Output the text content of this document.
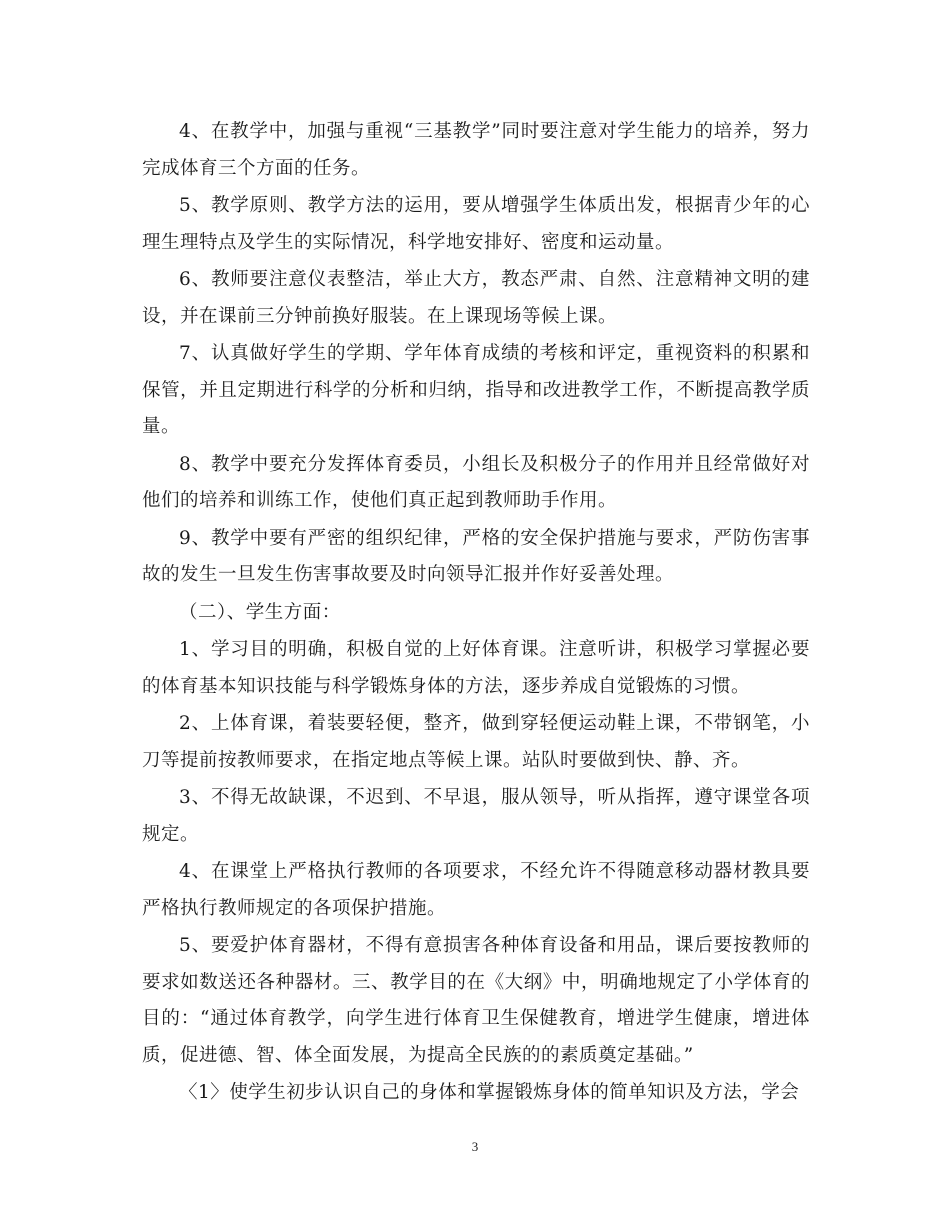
4、在教学中，加强与重视“三基教学”同时要注意对学生能力的培养，努力完成体育三个方面的任务。

5、教学原则、教学方法的运用，要从增强学生体质出发，根据青少年的心理生理特点及学生的实际情况，科学地安排好、密度和运动量。

6、教师要注意仪表整洁，举止大方，教态严肃、自然、注意精神文明的建设，并在课前三分钟前换好服装。在上课现场等候上课。

7、认真做好学生的学期、学年体育成绩的考核和评定，重视资料的积累和保管，并且定期进行科学的分析和归纳，指导和改进教学工作，不断提高教学质量。

8、教学中要充分发挥体育委员，小组长及积极分子的作用并且经常做好对他们的培养和训练工作，使他们真正起到教师助手作用。

9、教学中要有严密的组织纪律，严格的安全保护措施与要求，严防伤害事故的发生一旦发生伤害事故要及时向领导汇报并作好妥善处理。

（二）、学生方面：

1、学习目的明确，积极自觉的上好体育课。注意听讲，积极学习掌握必要的体育基本知识技能与科学锻炼身体的方法，逐步养成自觉锻炼的习惯。

2、上体育课，着装要轻便，整齐，做到穿轻便运动鞋上课，不带钢笔，小刀等提前按教师要求，在指定地点等候上课。站队时要做到快、静、齐。

3、不得无故缺课，不迟到、不早退，服从领导，听从指挥，遵守课堂各项规定。

4、在课堂上严格执行教师的各项要求，不经允许不得随意移动器材教具要严格执行教师规定的各项保护措施。

5、要爱护体育器材，不得有意损害各种体育设备和用品，课后要按教师的要求如数送还各种器材。三、教学目的在《大纲》中，明确地规定了小学体育的目的：“通过体育教学，向学生进行体育卫生保健教育，增进学生健康，增进体质，促进德、智、体全面发展，为提高全民族的的素质奠定基础。”

〈1〉使学生初步认识自己的身体和掌握锻炼身体的简单知识及方法，学会

3
